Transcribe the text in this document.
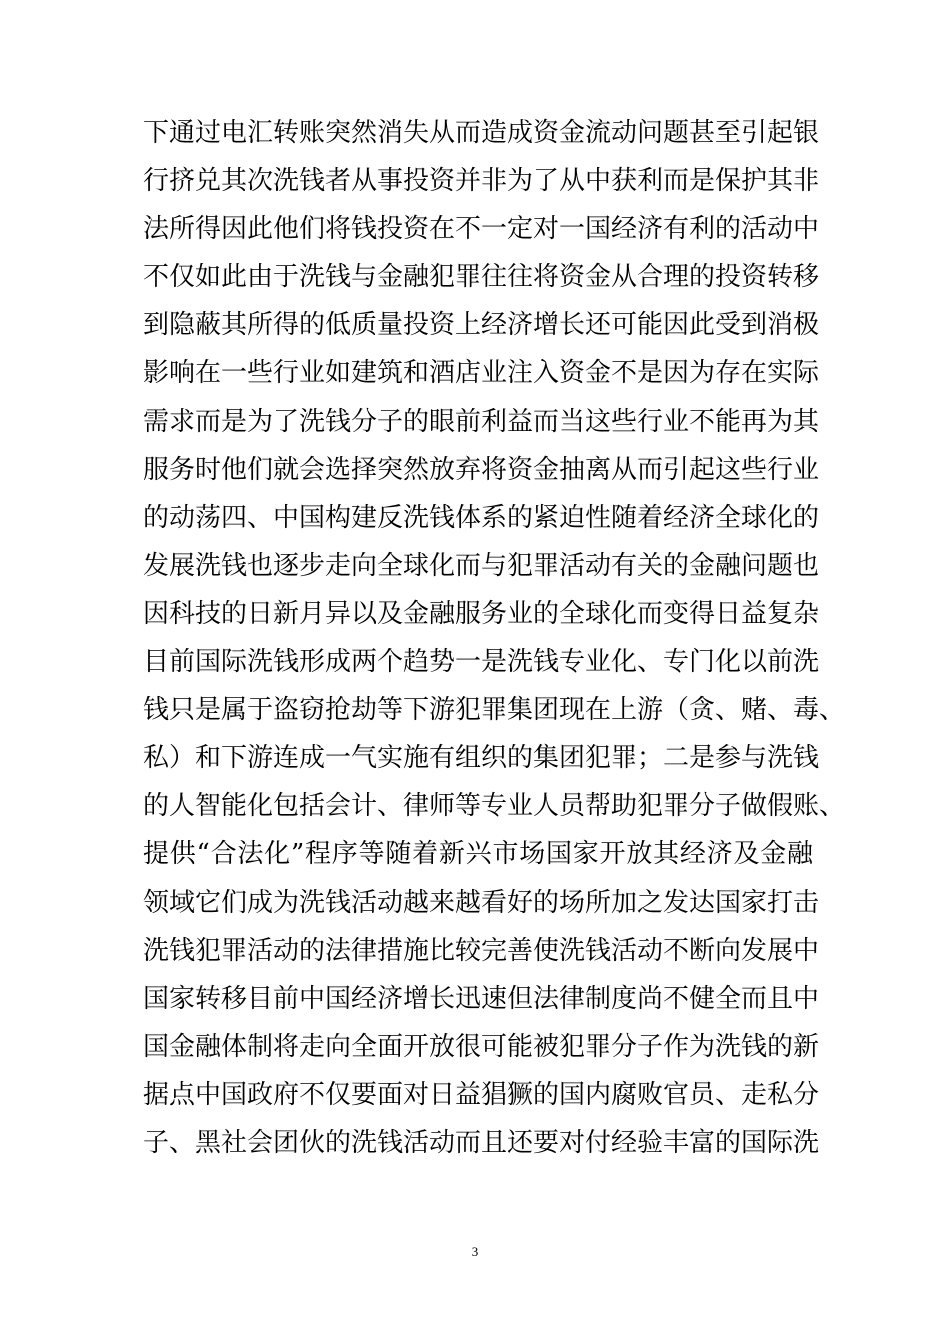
下通过电汇转账突然消失从而造成资金流动问题甚至引起银
行挤兑其次洗钱者从事投资并非为了从中获利而是保护其非
法所得因此他们将钱投资在不一定对一国经济有利的活动中
不仅如此由于洗钱与金融犯罪往往将资金从合理的投资转移
到隐蔽其所得的低质量投资上经济增长还可能因此受到消极
影响在一些行业如建筑和酒店业注入资金不是因为存在实际
需求而是为了洗钱分子的眼前利益而当这些行业不能再为其
服务时他们就会选择突然放弃将资金抽离从而引起这些行业
的动荡四、中国构建反洗钱体系的紧迫性随着经济全球化的
发展洗钱也逐步走向全球化而与犯罪活动有关的金融问题也
因科技的日新月异以及金融服务业的全球化而变得日益复杂
目前国际洗钱形成两个趋势一是洗钱专业化、专门化以前洗
钱只是属于盗窃抢劫等下游犯罪集团现在上游（贪、赌、毒、
私）和下游连成一气实施有组织的集团犯罪；二是参与洗钱
的人智能化包括会计、律师等专业人员帮助犯罪分子做假账、
提供“合法化”程序等随着新兴市场国家开放其经济及金融
领域它们成为洗钱活动越来越看好的场所加之发达国家打击
洗钱犯罪活动的法律措施比较完善使洗钱活动不断向发展中
国家转移目前中国经济增长迅速但法律制度尚不健全而且中
国金融体制将走向全面开放很可能被犯罪分子作为洗钱的新
据点中国政府不仅要面对日益猖獗的国内腐败官员、走私分
子、黑社会团伙的洗钱活动而且还要对付经验丰富的国际洗
3
